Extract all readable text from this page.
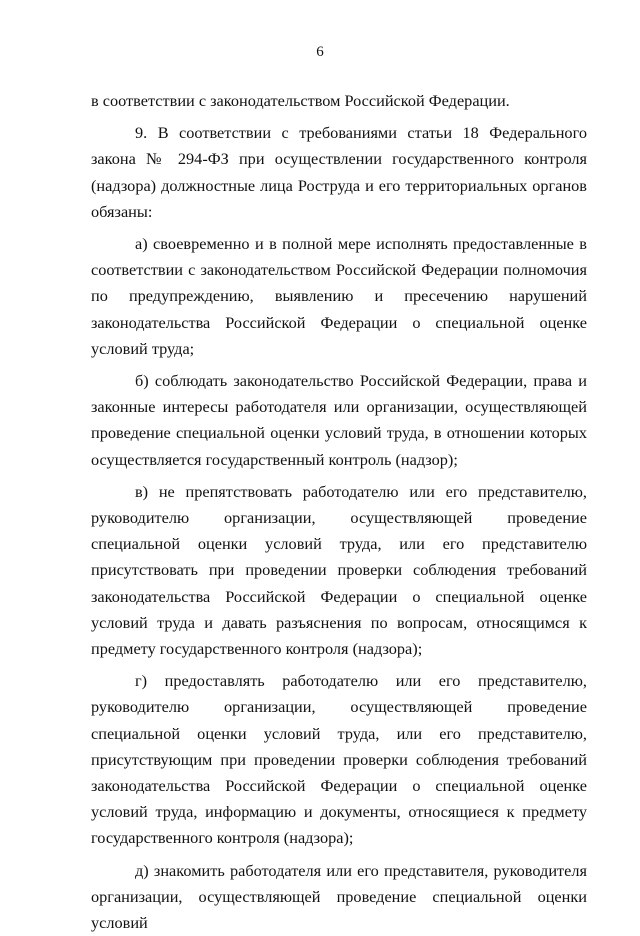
6

в соответствии с законодательством Российской Федерации.

9. В соответствии с требованиями статьи 18 Федерального закона № 294-ФЗ при осуществлении государственного контроля (надзора) должностные лица Роструда и его территориальных органов обязаны:

а) своевременно и в полной мере исполнять предоставленные в соответствии с законодательством Российской Федерации полномочия по предупреждению, выявлению и пресечению нарушений законодательства Российской Федерации о специальной оценке условий труда;

б) соблюдать законодательство Российской Федерации, права и законные интересы работодателя или организации, осуществляющей проведение специальной оценки условий труда, в отношении которых осуществляется государственный контроль (надзор);

в) не препятствовать работодателю или его представителю, руководителю организации, осуществляющей проведение специальной оценки условий труда, или его представителю присутствовать при проведении проверки соблюдения требований законодательства Российской Федерации о специальной оценке условий труда и давать разъяснения по вопросам, относящимся к предмету государственного контроля (надзора);

г) предоставлять работодателю или его представителю, руководителю организации, осуществляющей проведение специальной оценки условий труда, или его представителю, присутствующим при проведении проверки соблюдения требований законодательства Российской Федерации о специальной оценке условий труда, информацию и документы, относящиеся к предмету государственного контроля (надзора);

д) знакомить работодателя или его представителя, руководителя организации, осуществляющей проведение специальной оценки условий
